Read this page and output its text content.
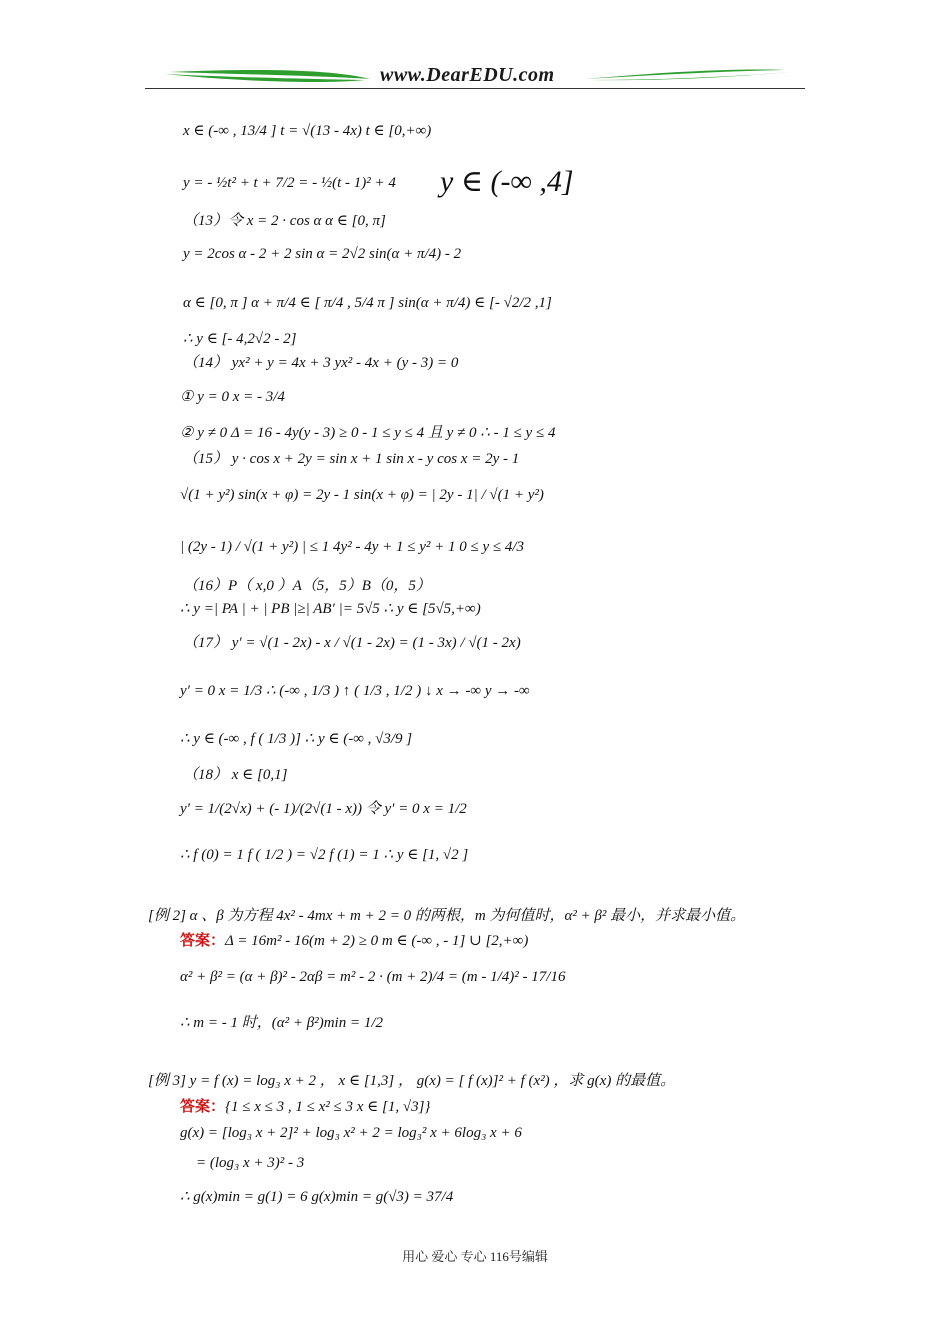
www.DearEDU.com
x ∈ (-∞ , 13/4 ] t = √(13 - 4x) t ∈ [0,+∞)
y = - ½t² + t + 7/2 = - ½(t - 1)² + 4 y ∈ (-∞ ,4]
（13）令 x = 2 · cos α α ∈ [0, π]
y = 2cos α - 2 + 2 sin α = 2√2 sin(α + π/4) - 2
α ∈ [0, π ] α + π/4 ∈ [ π/4 , 5/4 π ] sin(α + π/4) ∈ [- √2/2 ,1]
∴ y ∈ [- 4,2√2 - 2]
（14） yx² + y = 4x + 3 yx² - 4x + (y - 3) = 0
① y = 0 x = - 3/4
② y ≠ 0 Δ = 16 - 4y(y - 3) ≥ 0 - 1 ≤ y ≤ 4 且 y ≠ 0 ∴ - 1 ≤ y ≤ 4
（15） y · cos x + 2y = sin x + 1 sin x - y cos x = 2y - 1
√(1 + y²) sin(x + φ) = 2y - 1 sin(x + φ) = | 2y - 1| / √(1 + y²)
| (2y - 1) / √(1 + y²) | ≤ 1 4y² - 4y + 1 ≤ y² + 1 0 ≤ y ≤ 4/3
（16）P（ x,0 ）A（5，5）B（0，5）
∴ y =| PA | + | PB |≥| AB′ |= 5√5 ∴ y ∈ [5√5,+∞)
（17） y′ = √(1 - 2x) - x / √(1 - 2x) = (1 - 3x) / √(1 - 2x)
y′ = 0 x = 1/3 ∴ (-∞ , 1/3 ) ↑ ( 1/3 , 1/2 ) ↓ x → -∞ y → -∞
∴ y ∈ (-∞ , f ( 1/3 )] ∴ y ∈ (-∞ , √3/9 ]
（18） x ∈ [0,1]
y′ = 1/(2√x) + (- 1)/(2√(1 - x)) 令 y′ = 0 x = 1/2
∴ f (0) = 1 f ( 1/2 ) = √2 f (1) = 1 ∴ y ∈ [1, √2 ]
[例 2] α 、β 为方程 4x² - 4mx + m + 2 = 0 的两根，m 为何值时，α² + β² 最小，并求最小值。
答案：Δ = 16m² - 16(m + 2) ≥ 0 m ∈ (-∞ , - 1] ∪ [2,+∞)
α² + β² = (α + β)² - 2αβ = m² - 2 · (m + 2)/4 = (m - 1/4)² - 17/16
∴ m = - 1 时，(α² + β²)min = 1/2
[例 3] y = f (x) = log₃ x + 2 ， x ∈ [1,3] ， g(x) = [ f (x)]² + f (x²) ，求 g(x) 的最值。
答案：{1 ≤ x ≤ 3 , 1 ≤ x² ≤ 3 x ∈ [1, √3]}
g(x) = [log₃ x + 2]² + log₃ x² + 2 = log₃² x + 6log₃ x + 6
= (log₃ x + 3)² - 3
∴ g(x)min = g(1) = 6 g(x)min = g(√3) = 37/4
用心 爱心 专心 116号编辑
